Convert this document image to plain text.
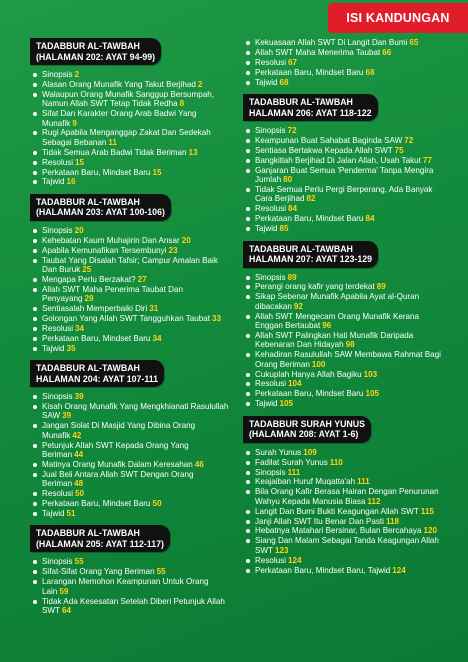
ISI KANDUNGAN
TADABBUR AL-TAWBAH
(HALAMAN 202: AYAT 94-99)
Sinopsis 2
Alasan Orang Munafik Yang Takut Berjihad 2
Walaupun Orang Munafik Sanggup Bersumpah, Namun Allah SWT Tetap Tidak Redha 8
Sifat Dan Karakter Orang Arab Badwi Yang Munafik 9
Rugi Apabila Menganggap Zakat Dan Sedekah Sebagai Bebanan 11
Tidak Semua Arab Badwi Tidak Beriman 13
Resolusi 15
Perkataan Baru, Mindset Baru 15
Tajwid 16
TADABBUR AL-TAWBAH
(HALAMAN 203: AYAT 100-106)
Sinopsis 20
Kehebatan Kaum Muhajirin Dan Ansar 20
Apabila Kemunafikan Tersembunyi 23
Taubat Yang Disalah Tafsir; Campur Amalan Baik Dan Buruk 25
Mengapa Perlu Berzakat? 27
Allah SWT Maha Penerima Taubat Dan Penyayang 29
Sentiasalah Memperbaiki Diri 31
Golongan Yang Allah SWT Tangguhkan Taubat 33
Resolusi 34
Perkataan Baru, Mindset Baru 34
Tajwid 35
TADABBUR AL-TAWBAH
HALAMAN 204: AYAT 107-111
Sinopsis 39
Kisah Orang Munafik Yang Mengkhianati Rasulullah SAW 39
Jangan Solat Di Masjid Yang Dibina Orang Munafik 42
Petunjuk Allah SWT Kepada Orang Yang Beriman 44
Matinya Orang Munafik Dalam Keresahan 46
Jual Beli Antara Allah SWT Dengan Orang Beriman 48
Resolusi 50
Perkataan Baru, Mindset Baru 50
Tajwid 51
TADABBUR AL-TAWBAH
(HALAMAN 205: AYAT 112-117)
Sinopsis 55
Sifat-Sifat Orang Yang Beriman 55
Larangan Memohon Keampunan Untuk Orang Lain 59
Tidak Ada Kesesatan Setelah Diberi Petunjuk Allah SWT 64
Kekuasaan Allah SWT Di Langit Dan Bumi 65
Allah SWT Maha Menerima Taubat 66
Resolusi 67
Perkataan Baru, Mindset Baru 68
Tajwid 68
TADABBUR AL-TAWBAH
HALAMAN 206: AYAT 118-122
Sinopsis 72
Keampunan Buat Sahabat Baginda SAW 72
Sentiasa Bertakwa Kepada Allah SWT 75
Bangkitlah Berjihad Di Jalan Allah, Usah Takut 77
Ganjaran Buat Semua 'Penderma' Tanpa Mengira Jumlah 80
Tidak Semua Perlu Pergi Berperang, Ada Banyak Cara Berjihad 82
Resolusi 84
Perkataan Baru, Mindset Baru 84
Tajwid 85
TADABBUR AL-TAWBAH
HALAMAN 207: AYAT 123-129
Sinopsis 89
Perangi orang kafir yang terdekat 89
Sikap Sebenar Munafik Apabila Ayat al-Quran dibacakan 92
Allah SWT Mengecam Orang Munafik Kerana Enggan Bertaubat 96
Allah SWT Palingkan Hati Munafik Daripada Kebenaran Dan Hidayah 98
Kehadiran Rasulullah SAW Membawa Rahmat Bagi Orang Beriman 100
Cukuplah Hanya Allah Bagiku 103
Resolusi 104
Perkataan Baru, Mindset Baru 105
Tajwid 105
TADABBUR SURAH YUNUS
(HALAMAN 208: AYAT 1-6)
Surah Yunus 109
Fadilat Surah Yunus 110
Sinopsis 111
Keajaiban Huruf Muqatta'ah 111
Bila Orang Kafir Berasa Hairan Dengan Penurunan Wahyu Kepada Manusia Biasa 112
Langit Dan Bumi Bukti Keagungan Allah SWT 115
Janji Allah SWT Itu Benar Dan Pasti 118
Hebatnya Matahari Bersinar, Bulan Bercahaya 120
Siang Dan Malam Sebagai Tanda Keagungan Allah SWT 123
Resolusi 124
Perkataan Baru, Mindset Baru, Tajwid 124
